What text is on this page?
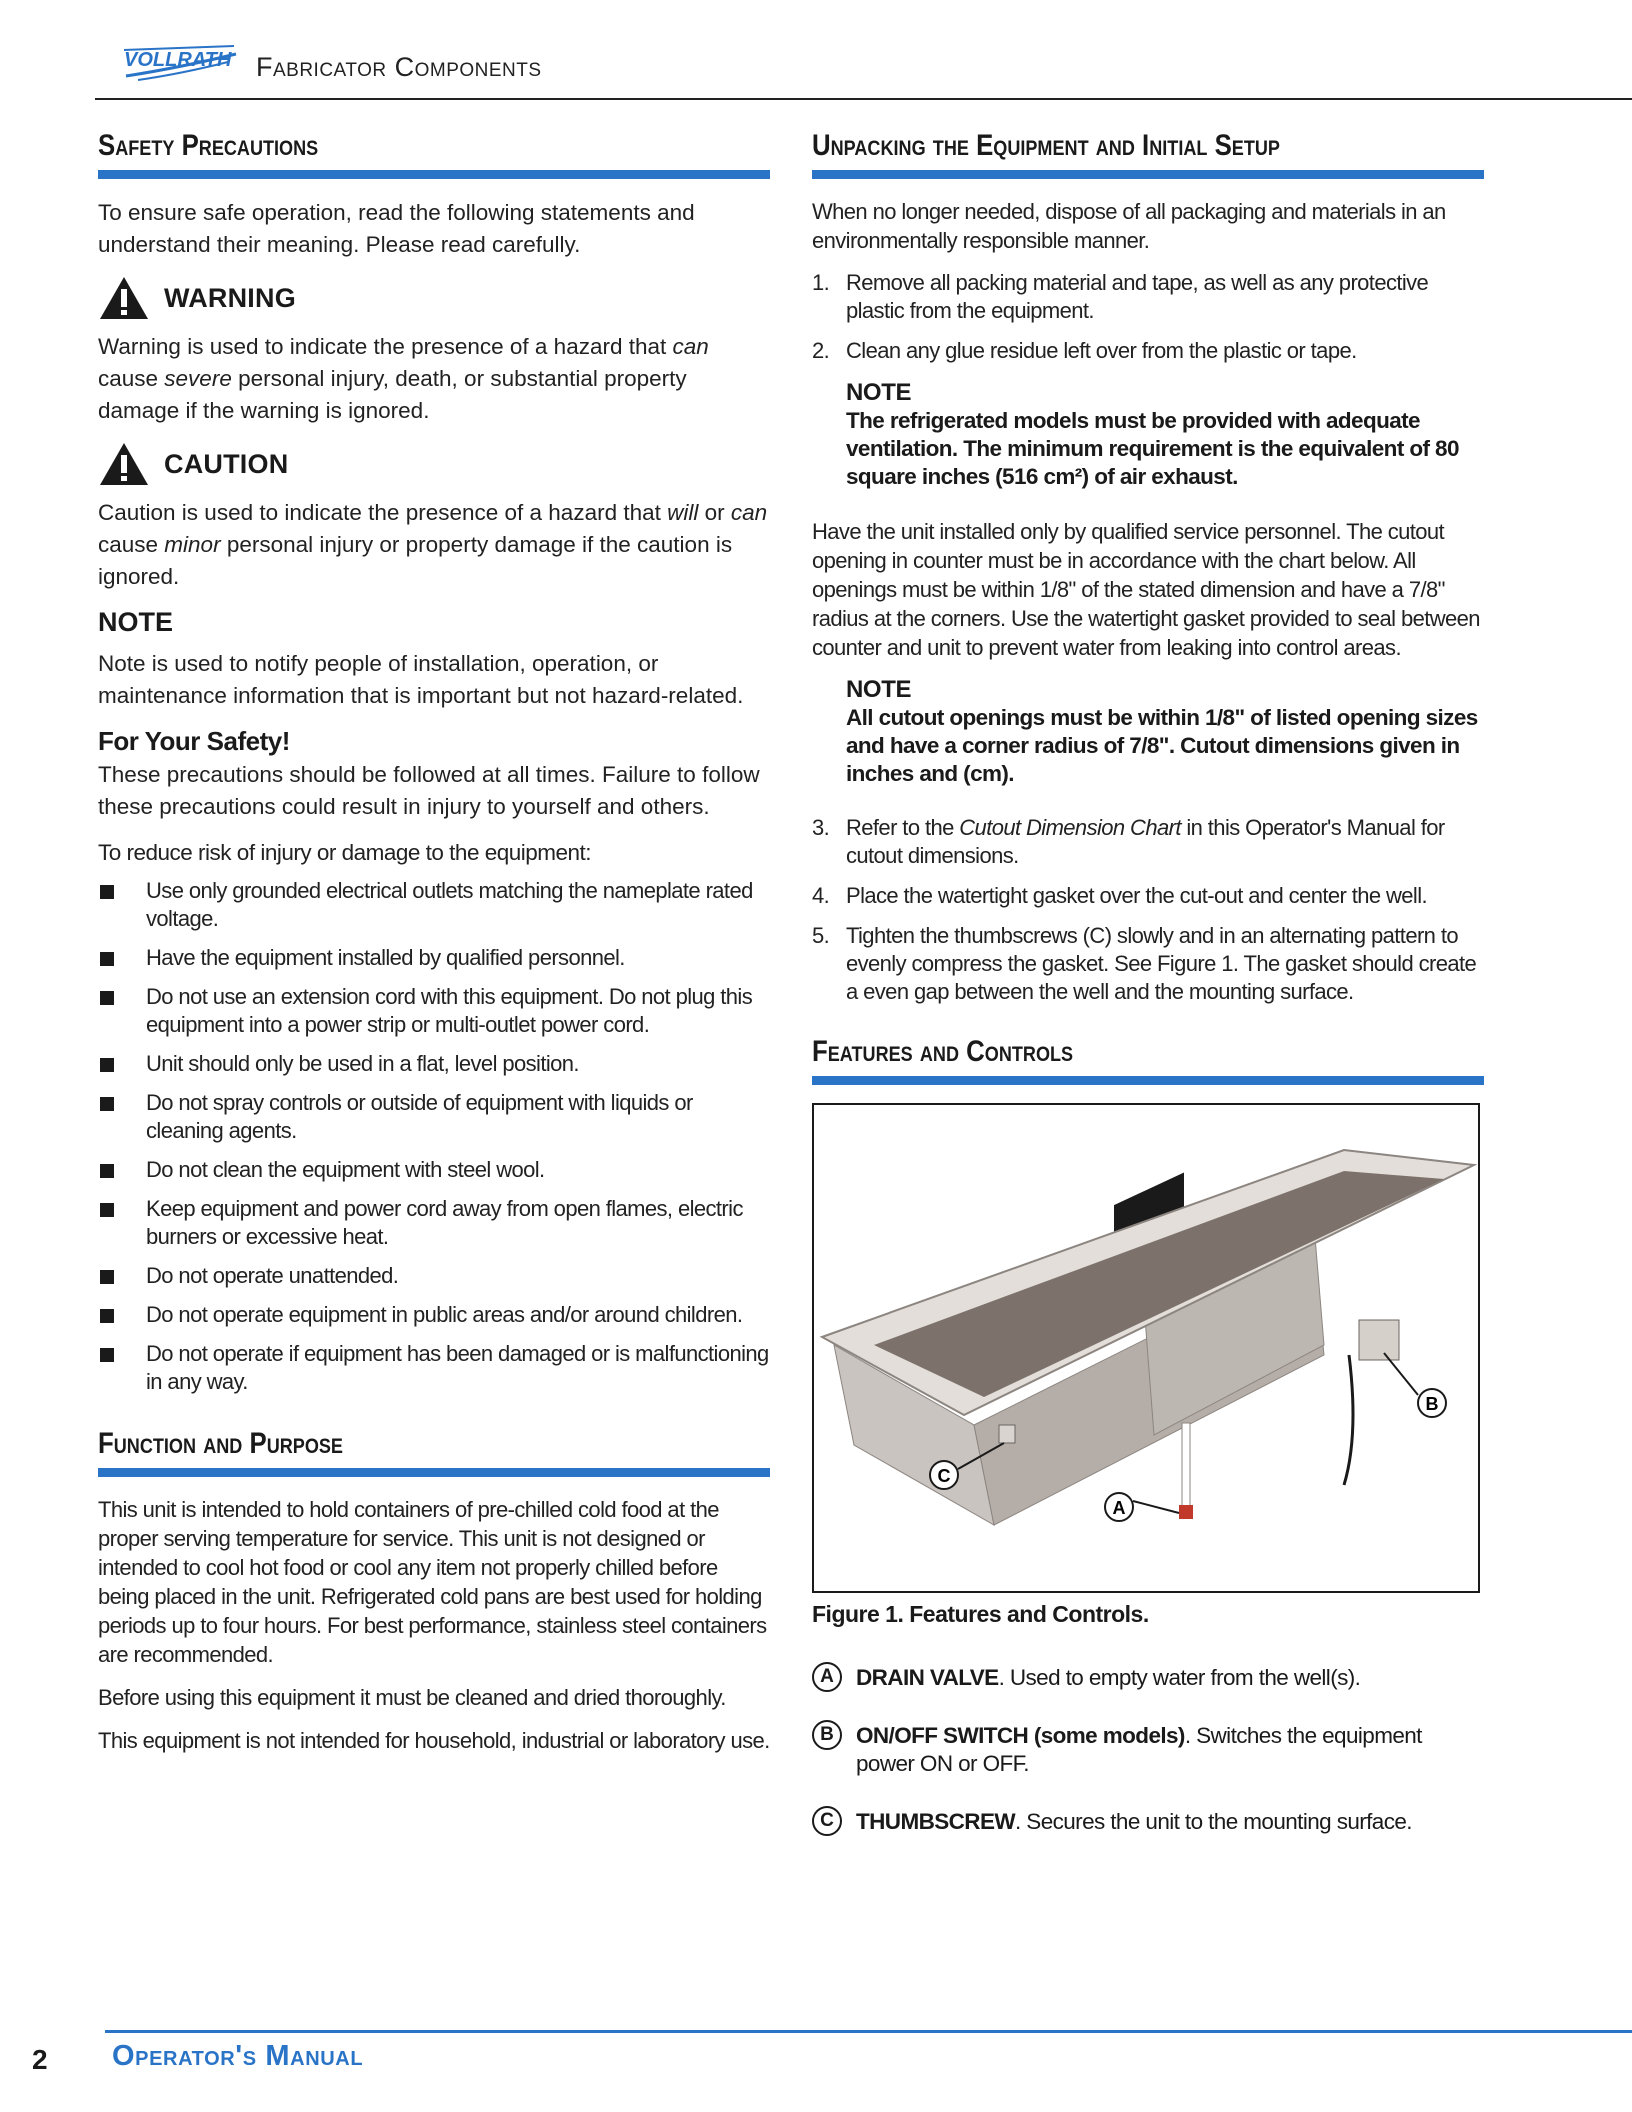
VOLLRATH Fabricator Components
Safety Precautions

To ensure safe operation, read the following statements and understand their meaning. Please read carefully.

WARNING

Warning is used to indicate the presence of a hazard that can cause severe personal injury, death, or substantial property damage if the warning is ignored.

CAUTION

Caution is used to indicate the presence of a hazard that will or can cause minor personal injury or property damage if the caution is ignored.

NOTE

Note is used to notify people of installation, operation, or maintenance information that is important but not hazard-related.

For Your Safety!

These precautions should be followed at all times. Failure to follow these precautions could result in injury to yourself and others.

To reduce risk of injury or damage to the equipment:

Use only grounded electrical outlets matching the nameplate rated voltage.
Have the equipment installed by qualified personnel.
Do not use an extension cord with this equipment. Do not plug this equipment into a power strip or multi-outlet power cord.
Unit should only be used in a flat, level position.
Do not spray controls or outside of equipment with liquids or cleaning agents.
Do not clean the equipment with steel wool.
Keep equipment and power cord away from open flames, electric burners or excessive heat.
Do not operate unattended.
Do not operate equipment in public areas and/or around children.
Do not operate if equipment has been damaged or is malfunctioning in any way.
Function and Purpose

This unit is intended to hold containers of pre-chilled cold food at the proper serving temperature for service. This unit is not designed or intended to cool hot food or cool any item not properly chilled before being placed in the unit. Refrigerated cold pans are best used for holding periods up to four hours. For best performance, stainless steel containers are recommended.

Before using this equipment it must be cleaned and dried thoroughly.

This equipment is not intended for household, industrial or laboratory use.

Unpacking the Equipment and Initial Setup

When no longer needed, dispose of all packaging and materials in an environmentally responsible manner.

1. Remove all packing material and tape, as well as any protective plastic from the equipment.
2. Clean any glue residue left over from the plastic or tape.
NOTE
The refrigerated models must be provided with adequate ventilation. The minimum requirement is the equivalent of 80 square inches (516 cm²) of air exhaust.

Have the unit installed only by qualified service personnel. The cutout opening in counter must be in accordance with the chart below. All openings must be within 1/8" of the stated dimension and have a 7/8" radius at the corners. Use the watertight gasket provided to seal between counter and unit to prevent water from leaking into control areas.

NOTE
All cutout openings must be within 1/8" of listed opening sizes and have a corner radius of 7/8". Cutout dimensions given in inches and (cm).
3. Refer to the Cutout Dimension Chart in this Operator's Manual for cutout dimensions.
4. Place the watertight gasket over the cut-out and center the well.
5. Tighten the thumbscrews (C) slowly and in an alternating pattern to evenly compress the gasket. See Figure 1. The gasket should create a even gap between the well and the mounting surface.
Features and Controls
C
A
B
Figure 1. Features and Controls.
A DRAIN VALVE. Used to empty water from the well(s).
B ON/OFF SWITCH (some models). Switches the equipment power ON or OFF.
C THUMBSCREW. Secures the unit to the mounting surface.
2 Operator's Manual
